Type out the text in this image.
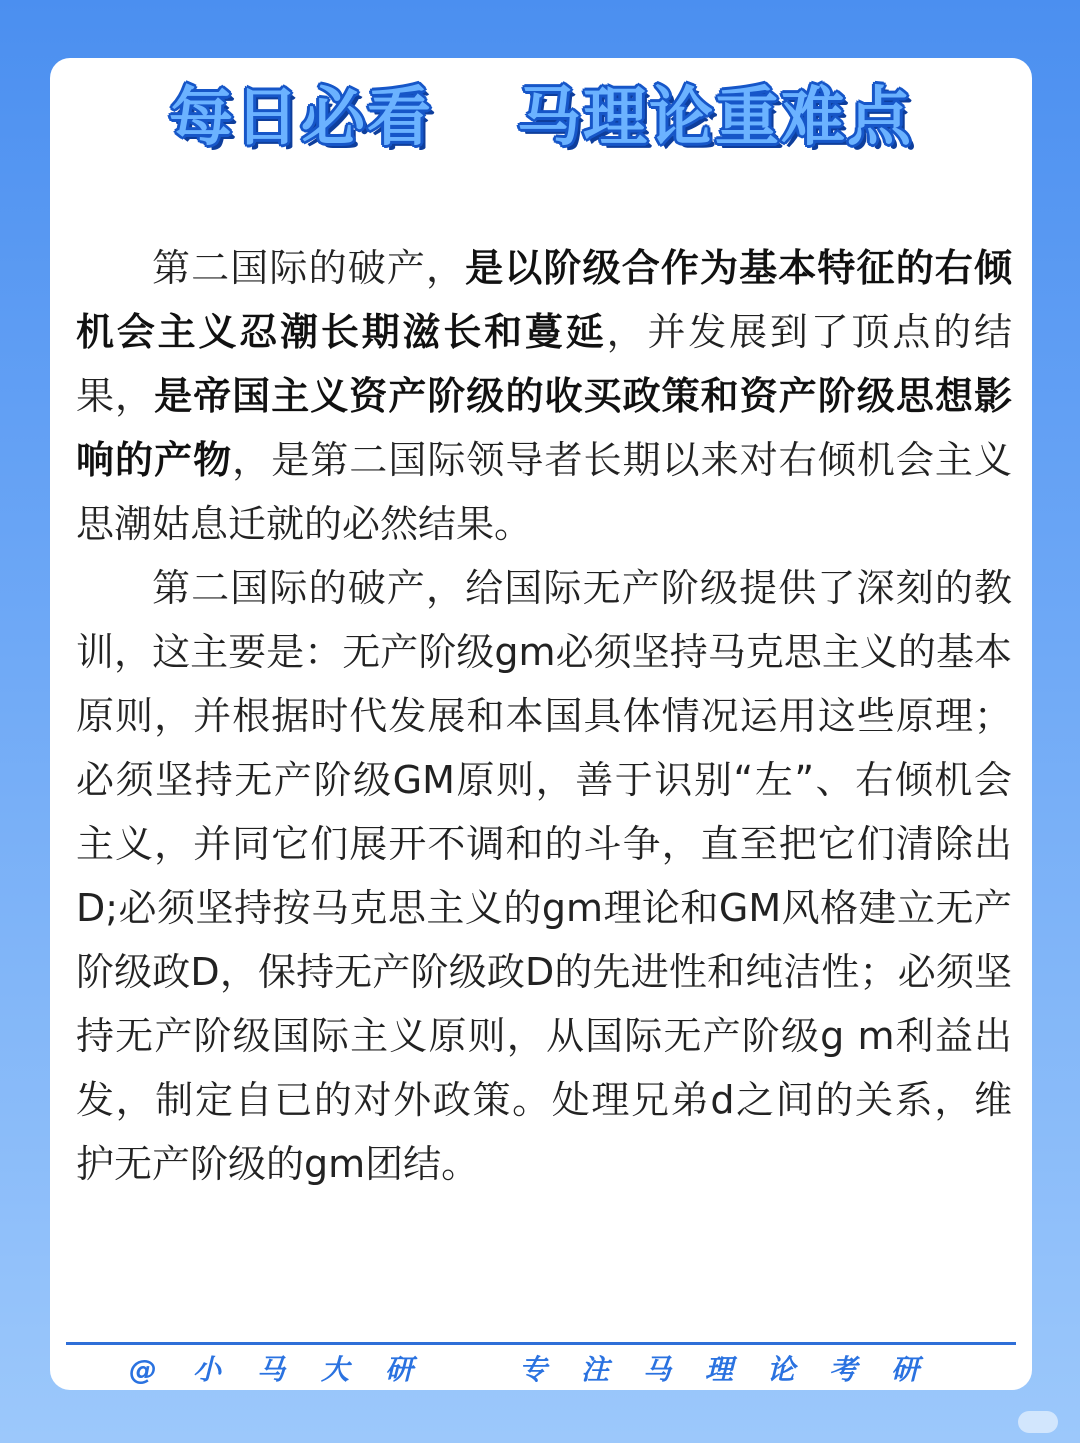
每日必看 马理论重难点

第二国际的破产，是以阶级合作为基本特征的右倾机会主义忍潮长期滋长和蔓延，并发展到了顶点的结果，是帝国主义资产阶级的收买政策和资产阶级思想影响的产物，是第二国际领导者长期以来对右倾机会主义思潮姑息迁就的必然结果。

第二国际的破产，给国际无产阶级提供了深刻的教训，这主要是：无产阶级gm必须坚持马克思主义的基本原则，并根据时代发展和本国具体情况运用这些原理；必须坚持无产阶级GM原则，善于识别“左”、右倾机会主义，并同它们展开不调和的斗争，直至把它们清除出D;必须坚持按马克思主义的gm理论和GM风格建立无产阶级政D，保持无产阶级政D的先进性和纯洁性；必须坚持无产阶级国际主义原则，从国际无产阶级g m利益出发，制定自已的对外政策。处理兄弟d之间的关系，维护无产阶级的gm团结。

@小马大研	专注马理论考研
